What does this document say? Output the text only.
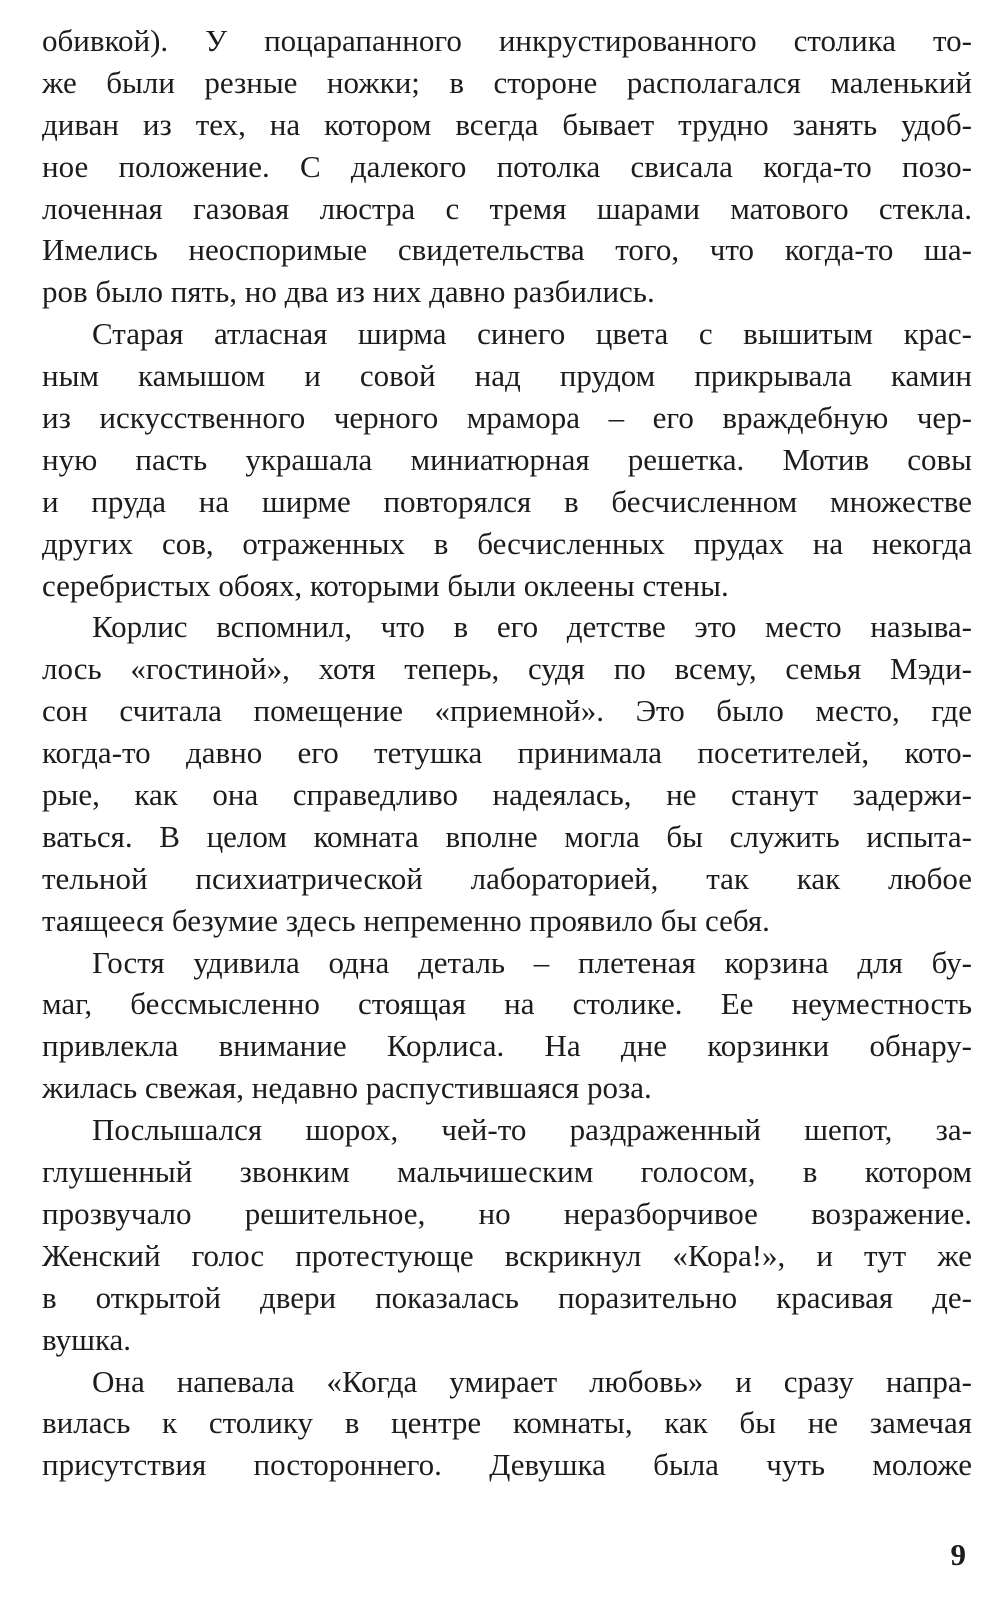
обивкой). У поцарапанного инкрустированного столика то-
же были резные ножки; в стороне располагался маленький
диван из тех, на котором всегда бывает трудно занять удоб-
ное положение. С далекого потолка свисала когда-то позо-
лоченная газовая люстра с тремя шарами матового стекла.
Имелись неоспоримые свидетельства того, что когда-то ша-
ров было пять, но два из них давно разбились.
Старая атласная ширма синего цвета с вышитым крас-
ным камышом и совой над прудом прикрывала камин
из искусственного черного мрамора – его враждебную чер-
ную пасть украшала миниатюрная решетка. Мотив совы
и пруда на ширме повторялся в бесчисленном множестве
других сов, отраженных в бесчисленных прудах на некогда
серебристых обоях, которыми были оклеены стены.
Корлис вспомнил, что в его детстве это место называ-
лось «гостиной», хотя теперь, судя по всему, семья Мэди-
сон считала помещение «приемной». Это было место, где
когда-то давно его тетушка принимала посетителей, кото-
рые, как она справедливо надеялась, не станут задержи-
ваться. В целом комната вполне могла бы служить испыта-
тельной психиатрической лабораторией, так как любое
таящееся безумие здесь непременно проявило бы себя.
Гостя удивила одна деталь – плетеная корзина для бу-
маг, бессмысленно стоящая на столике. Ее неуместность
привлекла внимание Корлиса. На дне корзинки обнару-
жилась свежая, недавно распустившаяся роза.
Послышался шорох, чей-то раздраженный шепот, за-
глушенный звонким мальчишеским голосом, в котором
прозвучало решительное, но неразборчивое возражение.
Женский голос протестующе вскрикнул «Кора!», и тут же
в открытой двери показалась поразительно красивая де-
вушка.
Она напевала «Когда умирает любовь» и сразу напра-
вилась к столику в центре комнаты, как бы не замечая
присутствия постороннего. Девушка была чуть моложе
9
